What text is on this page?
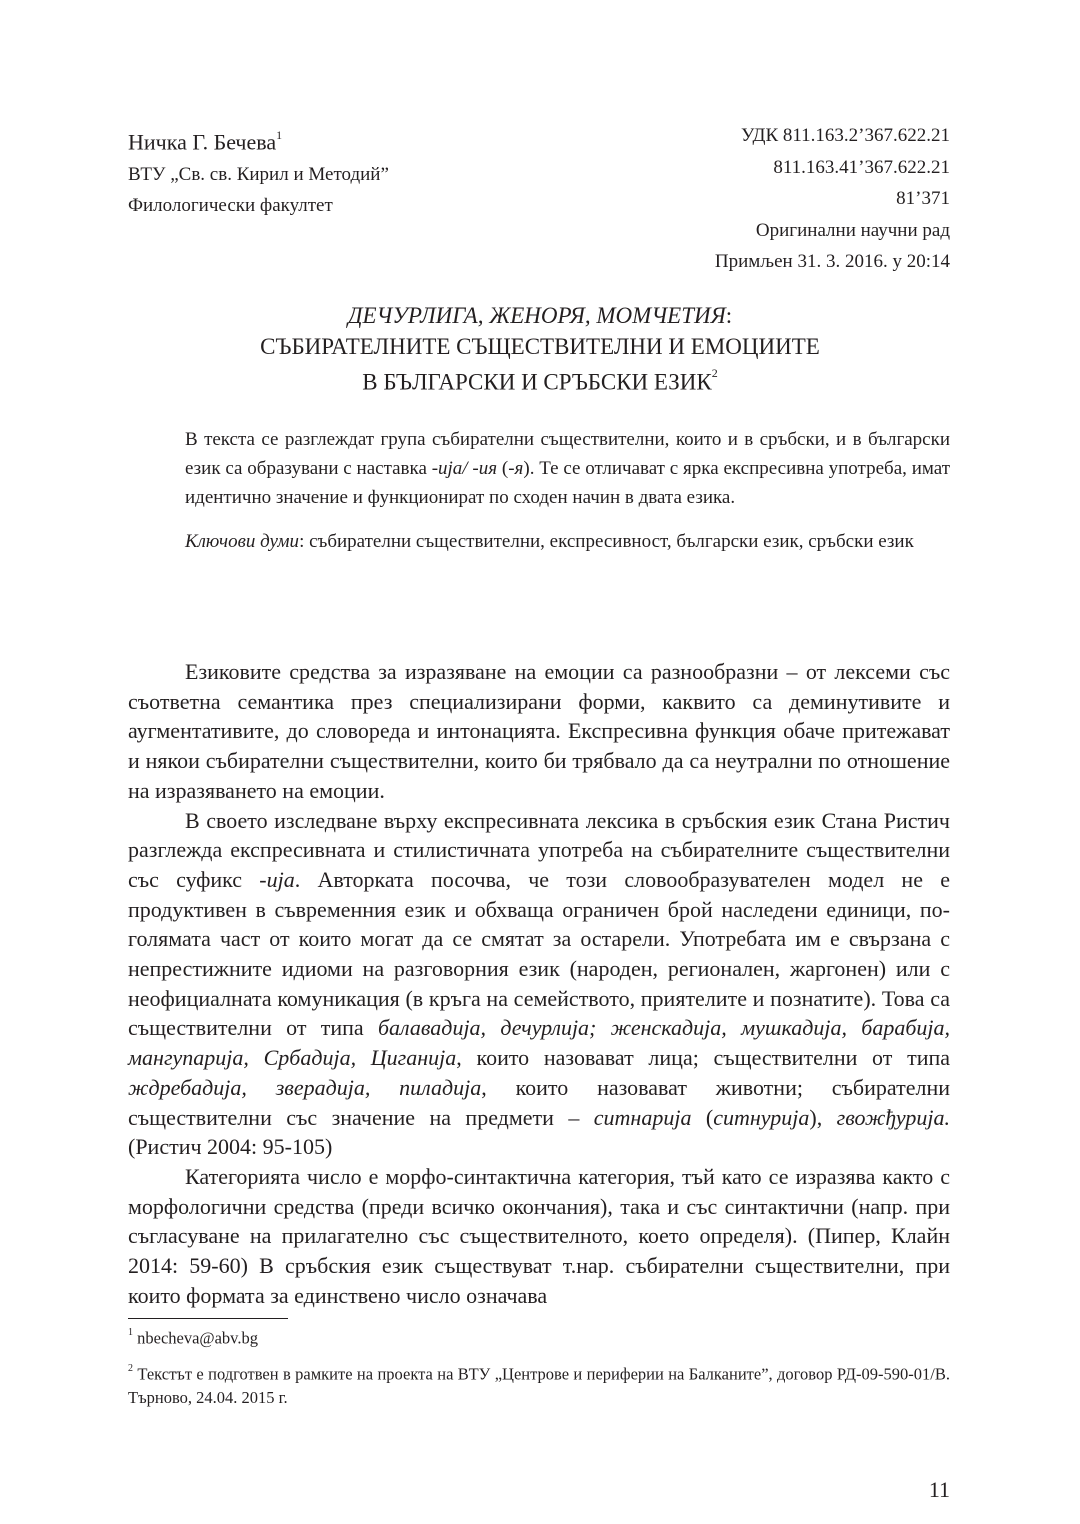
Ничка Г. Бечева$^1$
ВТУ „Св. св. Кирил и Методий”
Филологически факултет
УДК 811.163.2’367.622.21
811.163.41’367.622.21
81’371
Оригинални научни рад
Примљен 31. 3. 2016. у 20:14
ДЕЧУРЛИГА, ЖЕНОРЯ, МОМЧЕТИЯ:
СЪБИРАТЕЛНИТЕ СЪЩЕСТВИТЕЛНИ И ЕМОЦИИТЕ
В БЪЛГАРСКИ И СРЪБСКИ ЕЗИК$^2$

В текста се разглеждат група събирателни съществителни, които и в сръбски, и в български език са образувани с наставка -ија/ -ия (-я). Те се отличават с ярка експресивна употреба, имат идентично значение и функционират по сходен начин в двата езика.

Ключови думи: събирателни съществителни, експресивност, български език, сръбски език

Езиковите средства за изразяване на емоции са разнообразни – от лексеми със съответна семантика през специализирани форми, каквито са деминутивите и аугментативите, до словореда и интонацията. Експресивна функция обаче притежават и някои събирателни съществителни, които би трябвало да са неутрални по отношение на изразяването на емоции.

В своето изследване върху експресивната лексика в сръбския език Стана Ристич разглежда експресивната и стилистичната употреба на събирателните съществителни със суфикс -ија. Авторката посочва, че този словообразувателен модел не е продуктивен в съвременния език и обхваща ограничен брой наследени единици, по-голямата част от които могат да се смятат за остарели. Употребата им е свързана с непрестижните идиоми на разговорния език (народен, регионален, жаргонен) или с неофициалната комуникация (в кръга на семейството, приятелите и познатите). Това са съществителни от типа балавадија, дечурлија; женскадија, мушкадија, барабија, мангупарија, Србадија, Циганија, които назовават лица; съществителни от типа ждребадија, зверадија, пиладија, които назовават животни; събирателни съществителни със значение на предмети – ситнарија (ситнурија), гвожђурија. (Ристич 2004: 95-105)

Категорията число е морфо-синтактична категория, тъй като се изразява както с морфологични средства (преди всичко окончания), така и със синтактични (напр. при съгласуване на прилагателно със съществителното, което определя). (Пипер, Клайн 2014: 59-60) В сръбския език съществуват т.нар. събирателни съществителни, при които формата за единствено число означава

$^1$ nbecheva@abv.bg

$^2$ Текстът е подготвен в рамките на проекта на ВТУ „Центрове и периферии на Балканите”, договор РД-09-590-01/В. Търново, 24.04. 2015 г.

11
